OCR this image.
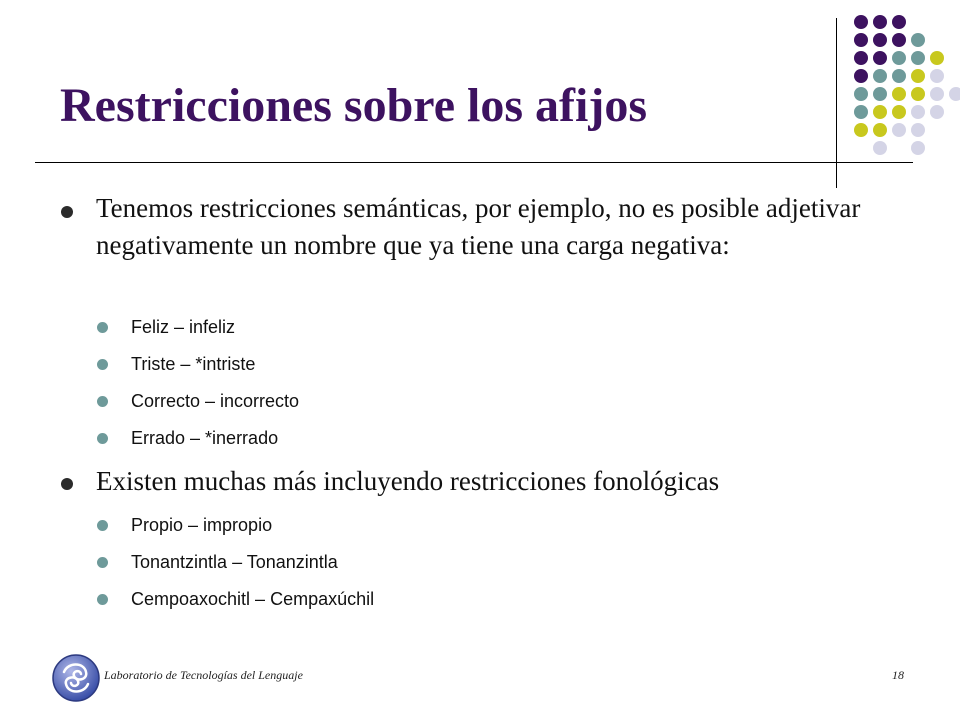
Restricciones sobre los afijos
Tenemos restricciones semánticas, por ejemplo, no es posible adjetivar negativamente un nombre que ya tiene una carga negativa:
Feliz – infeliz
Triste – *intriste
Correcto – incorrecto
Errado – *inerrado
Existen muchas más incluyendo restricciones fonológicas
Propio – impropio
Tonantzintla – Tonanzintla
Cempoaxochitl – Cempaxúchil
Laboratorio de Tecnologías del Lenguaje	18
